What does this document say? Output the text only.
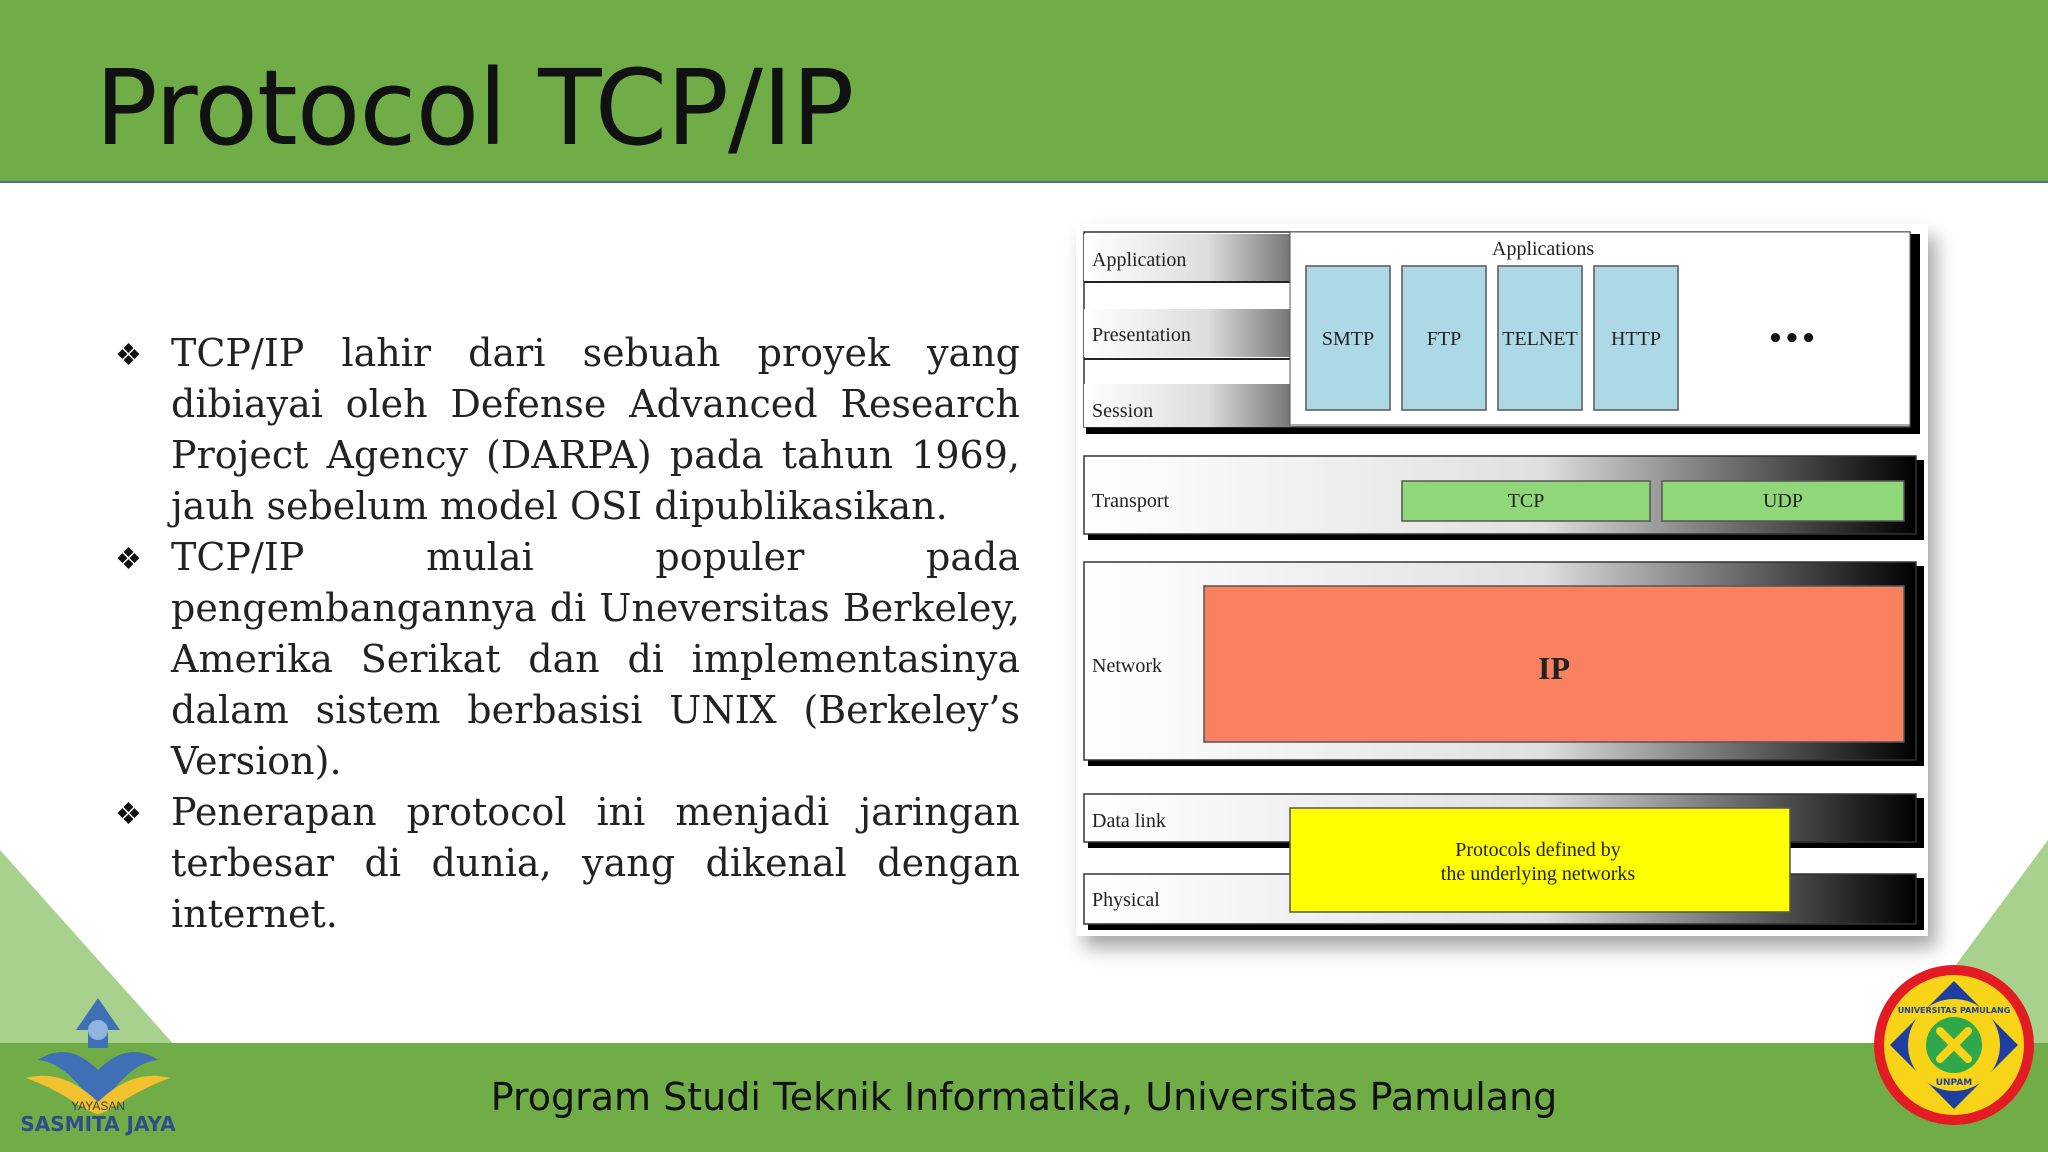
Protocol TCP/IP
❖ TCP/IP lahir dari sebuah proyek yang dibiayai oleh Defense Advanced Research Project Agency (DARPA) pada tahun 1969, jauh sebelum model OSI dipublikasikan.
❖ TCP/IP mulai populer pada pengembangannya di Uneversitas Berkeley, Amerika Serikat dan di implementasinya dalam sistem berbasisi UNIX (Berkeley’s Version).
❖ Penerapan protocol ini menjadi jaringan terbesar di dunia, yang dikenal dengan internet.
Application
Presentation
Session
Applications
SMTP	FTP TELNET HTTP	•••
Transport	TCP	UDP
Network	IP
Data link
Physical
Protocols defined by
the underlying networks
Program Studi Teknik Informatika, Universitas Pamulang
YAYASAN
SASMITA JAYA
UNIVERSITAS PAMULANG
UNPAM
